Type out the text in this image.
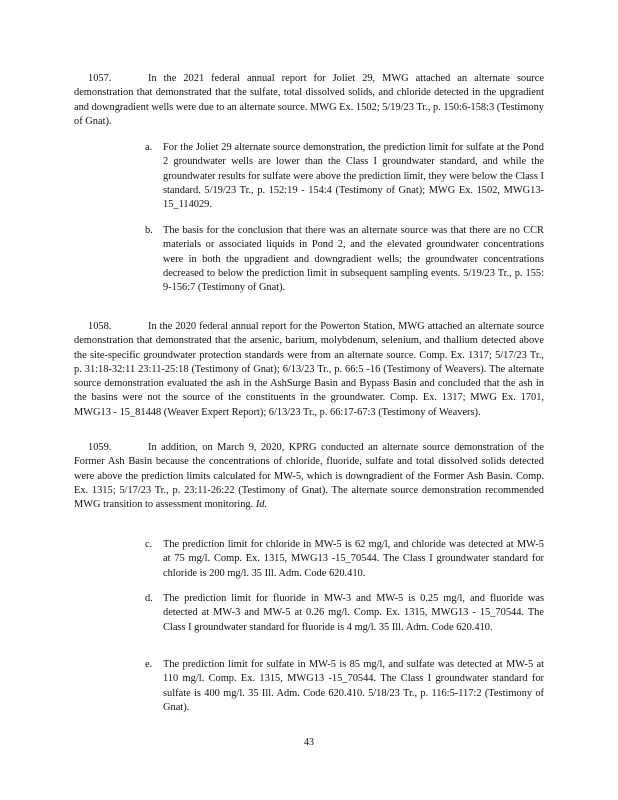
1057.	In the 2021 federal annual report for Joliet 29, MWG attached an alternate source demonstration that demonstrated that the sulfate, total dissolved solids, and chloride detected in the upgradient and downgradient wells were due to an alternate source. MWG Ex. 1502; 5/19/23 Tr., p. 150:6-158:3 (Testimony of Gnat).

a. For the Joliet 29 alternate source demonstration, the prediction limit for sulfate at the Pond 2 groundwater wells are lower than the Class I groundwater standard, and while the groundwater results for sulfate were above the prediction limit, they were below the Class I standard. 5/19/23 Tr., p. 152:19 - 154:4 (Testimony of Gnat); MWG Ex. 1502, MWG13-15_114029.
b. The basis for the conclusion that there was an alternate source was that there are no CCR materials or associated liquids in Pond 2, and the elevated groundwater concentrations were in both the upgradient and downgradient wells; the groundwater concentrations decreased to below the prediction limit in subsequent sampling events. 5/19/23 Tr., p. 155: 9-156:7 (Testimony of Gnat).

1058.	In the 2020 federal annual report for the Powerton Station, MWG attached an alternate source demonstration that demonstrated that the arsenic, barium, molybdenum, selenium, and thallium detected above the site-specific groundwater protection standards were from an alternate source. Comp. Ex. 1317; 5/17/23 Tr., p. 31:18-32:11 23:11-25:18 (Testimony of Gnat); 6/13/23 Tr., p. 66:5 -16 (Testimony of Weavers). The alternate source demonstration evaluated the ash in the AshSurge Basin and Bypass Basin and concluded that the ash in the basins were not the source of the constituents in the groundwater. Comp. Ex. 1317; MWG Ex. 1701, MWG13 - 15_81448 (Weaver Expert Report); 6/13/23 Tr., p. 66:17-67:3 (Testimony of Weavers).

1059.	In addition, on March 9, 2020, KPRG conducted an alternate source demonstration of the Former Ash Basin because the concentrations of chloride, fluoride, sulfate and total dissolved solids detected were above the prediction limits calculated for MW-5, which is downgradient of the Former Ash Basin. Comp. Ex. 1315; 5/17/23 Tr., p. 23:11-26:22 (Testimony of Gnat). The alternate source demonstration recommended MWG transition to assessment monitoring. Id.

c. The prediction limit for chloride in MW-5 is 62 mg/l, and chloride was detected at MW-5 at 75 mg/l. Comp. Ex. 1315, MWG13 -15_70544. The Class I groundwater standard for chloride is 200 mg/l. 35 Ill. Adm. Code 620.410.
d. The prediction limit for fluoride in MW-3 and MW-5 is 0.25 mg/l, and fluoride was detected at MW-3 and MW-5 at 0.26 mg/l. Comp. Ex. 1315, MWG13 - 15_70544. The Class I groundwater standard for fluoride is 4 mg/l. 35 Ill. Adm. Code 620.410.
e. The prediction limit for sulfate in MW-5 is 85 mg/l, and sulfate was detected at MW-5 at 110 mg/l. Comp. Ex. 1315, MWG13 -15_70544. The Class I groundwater standard for sulfate is 400 mg/l. 35 Ill. Adm. Code 620.410. 5/18/23 Tr., p. 116:5-117:2 (Testimony of Gnat).
43
